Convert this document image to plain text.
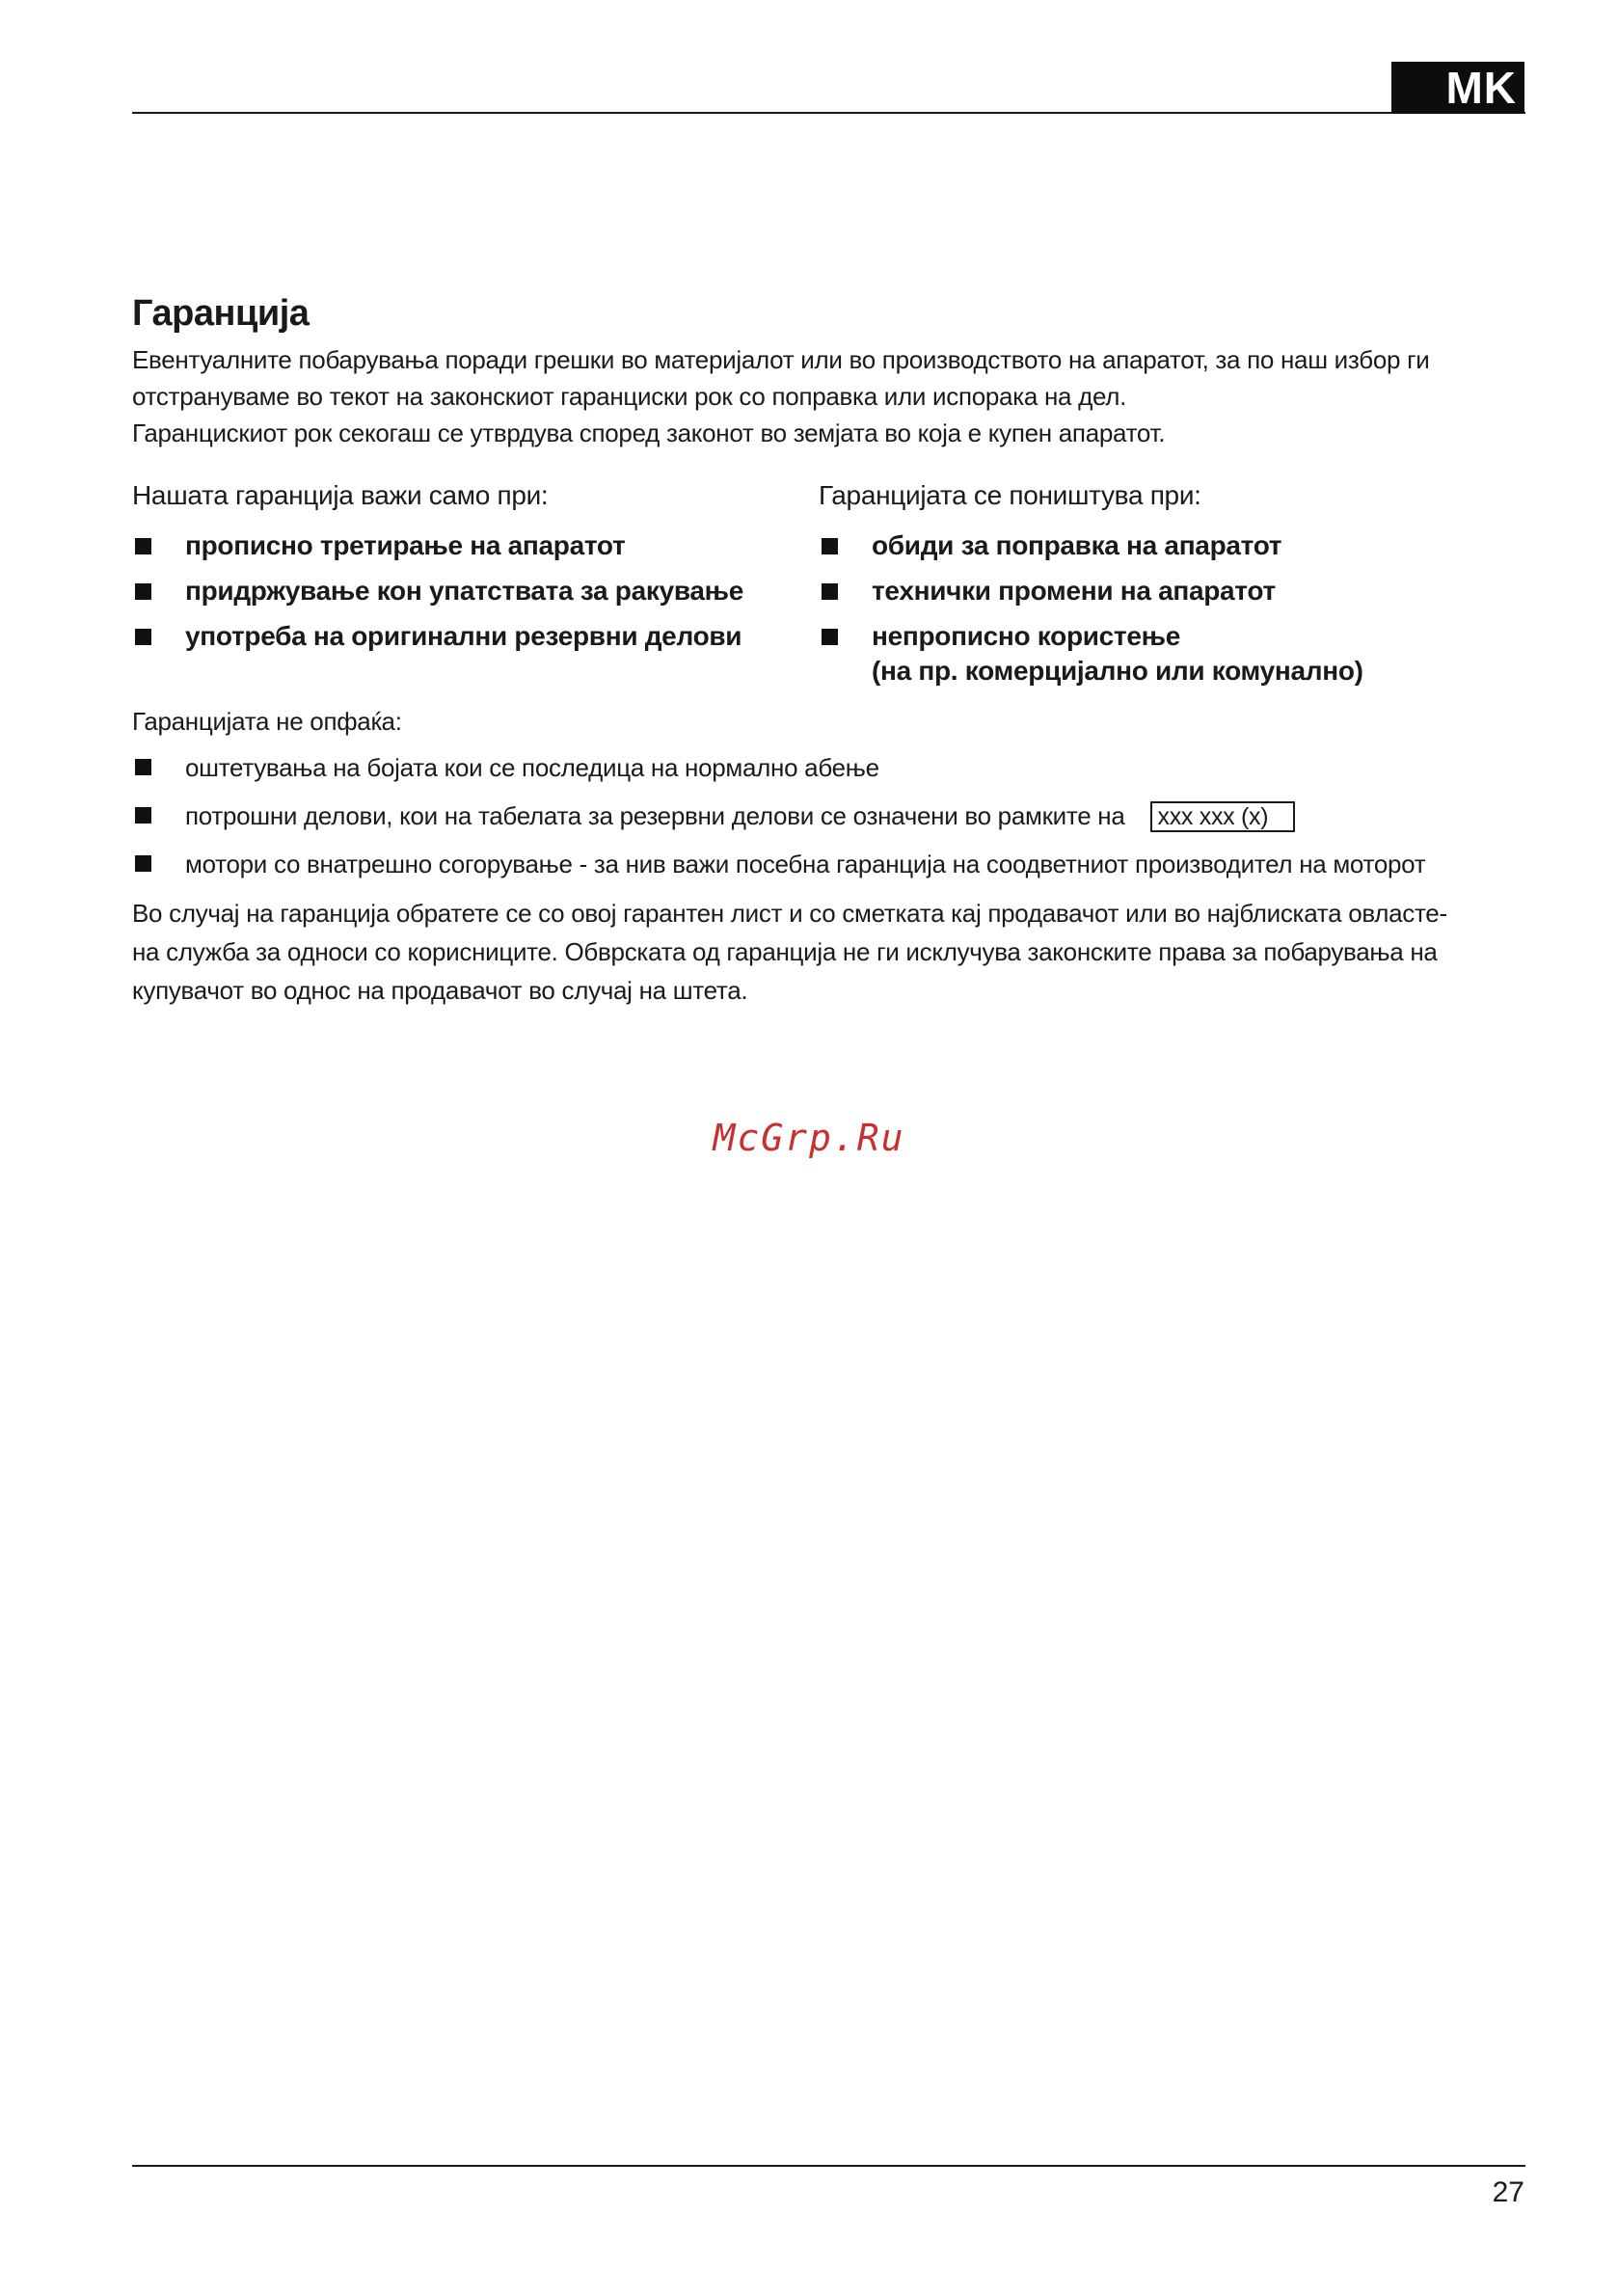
MK
Гаранција

Евентуалните побарувања поради грешки во материјалот или во производството на апаратот, за по наш избор ги отстрануваме во текот на законскиот гаранциски рок со поправка или испорака на дел.

Гаранцискиот рок секогаш се утврдува според законот во земјата во која е купен апаратот.

Нашата гаранција важи само при:

прописно третирање на апаратот
придржување кон упатствата за ракување
употреба на оригинални резервни делови

Гаранцијата се поништува при:

обиди за поправка на апаратот
технички промени на апаратот
непрописно користење
(на пр. комерцијално или комунално)

Гаранцијата не опфаќа:

оштетувања на бојата кои се последица на нормално абење
потрошни делови, кои на табелата за резервни делови се означени во рамките на xxx xxx (x)
мотори со внатрешно согорување - за нив важи посебна гаранција на соодветниот производител на моторот

Во случај на гаранција обратете се со овој гарантен лист и со сметката кај продавачот или во најблиската овласте-

на служба за односи со корисниците. Обврската од гаранција не ги исклучува законските права за побарувања на

купувачот во однос на продавачот во случај на штета.

McGrp.Ru
27
